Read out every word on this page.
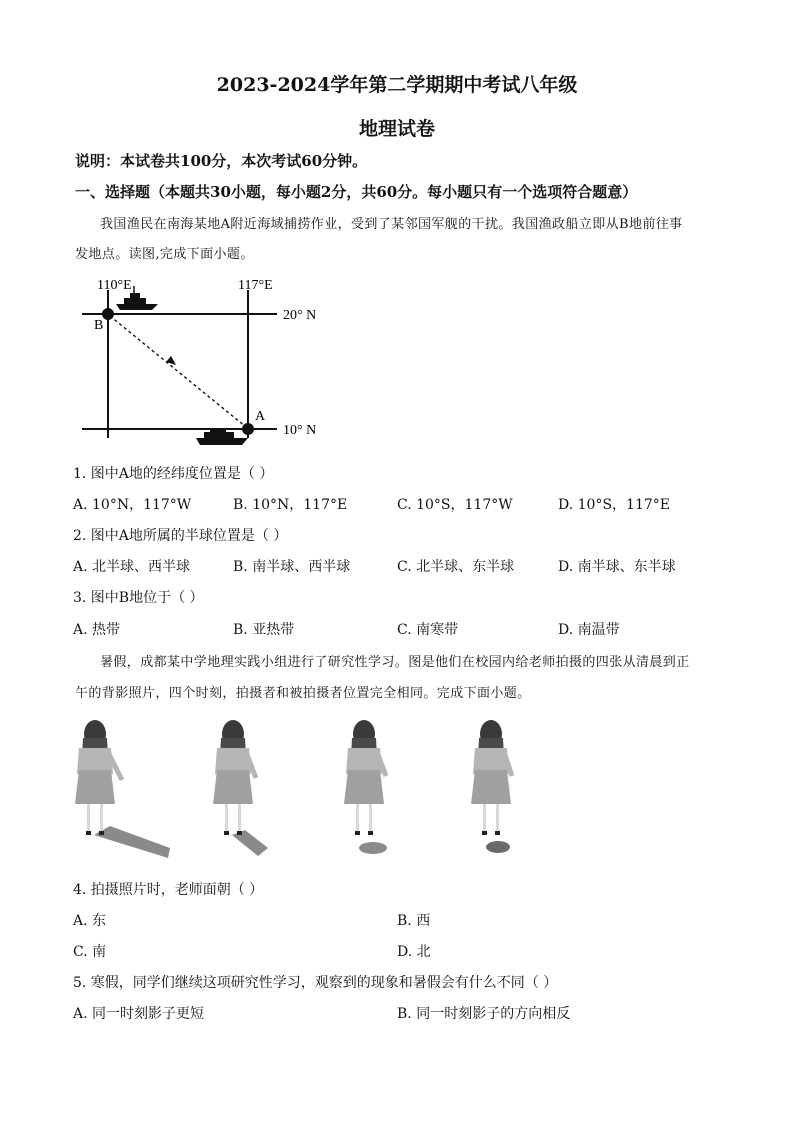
2023-2024学年第二学期期中考试八年级
地理试卷
说明：本试卷共100分，本次考试60分钟。
一、选择题（本题共30小题，每小题2分，共60分。每小题只有一个选项符合题意）
我国渔民在南海某地A附近海域捕捞作业，受到了某邻国军舰的干扰。我国渔政船立即从B地前往事
发地点。读图,完成下面小题。
110°E	117°E
20° N
10° N
B
A
1. 图中A地的经纬度位置是（ ）
A. 10°N，117°W	B. 10°N，117°E	C. 10°S，117°W	D. 10°S，117°E
2. 图中A地所属的半球位置是（ ）
A. 北半球、西半球	B. 南半球、西半球	C. 北半球、东半球	D. 南半球、东半球
3. 图中B地位于（ ）
A. 热带	B. 亚热带	C. 南寒带	D. 南温带
暑假，成都某中学地理实践小组进行了研究性学习。图是他们在校园内给老师拍摄的四张从清晨到正
午的背影照片，四个时刻，拍摄者和被拍摄者位置完全相同。完成下面小题。
4. 拍摄照片时，老师面朝（ ）
A. 东	B. 西
C. 南	D. 北
5. 寒假，同学们继续这项研究性学习，观察到的现象和暑假会有什么不同（ ）
A. 同一时刻影子更短	B. 同一时刻影子的方向相反
